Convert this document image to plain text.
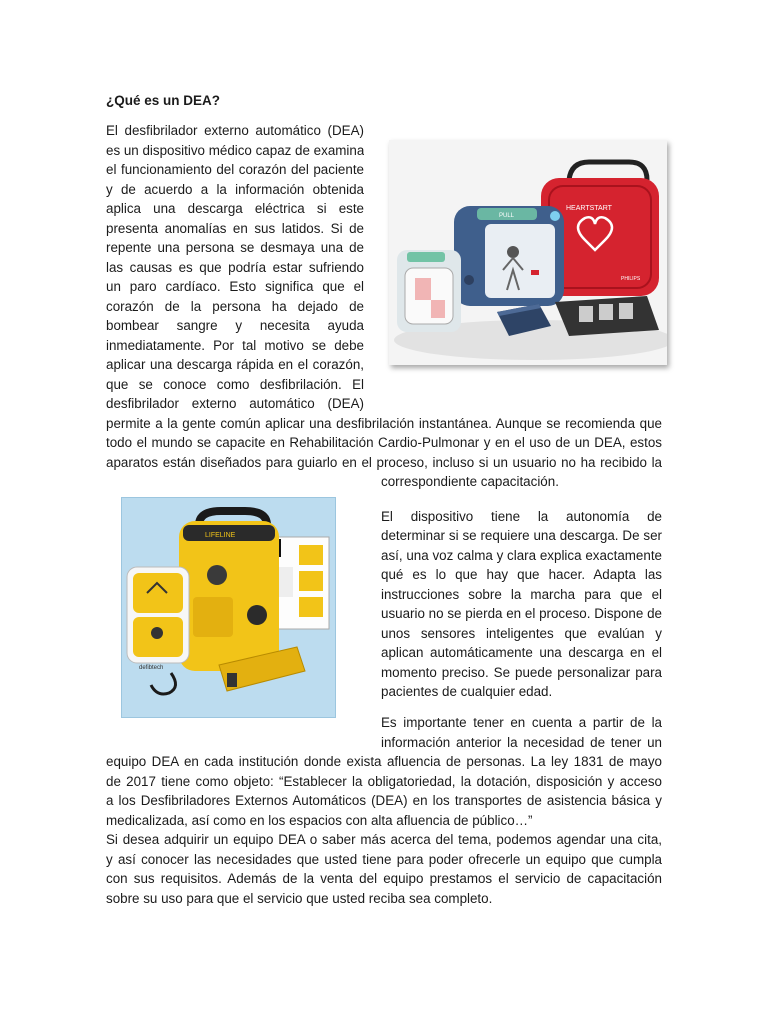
¿Qué es un DEA?
HEARTSTART
PHILIPS
PULL
El desfibrilador externo automático (DEA)
es un dispositivo médico capaz de examina
el funcionamiento del corazón del paciente
y de acuerdo a la información obtenida
aplica una descarga eléctrica si este
presenta anomalías en sus latidos. Si de
repente una persona se desmaya una de
las causas es que podría estar sufriendo
un paro cardíaco. Esto significa que el
corazón de la persona ha dejado de
bombear sangre y necesita ayuda
inmediatamente. Por tal motivo se debe
aplicar una descarga rápida en el corazón,
que se conoce como desfibrilación. El
desfibrilador externo automático (DEA)
permite a la gente común aplicar una desfibrilación instantánea. Aunque se recomienda que
todo el mundo se capacite en Rehabilitación Cardio-Pulmonar y en el uso de un DEA, estos
aparatos están diseñados para guiarlo en el proceso, incluso si un usuario no ha recibido la
correspondiente capacitación.
LIFELINE
defibtech
El dispositivo tiene la autonomía de
determinar si se requiere una descarga. De ser
así, una voz calma y clara explica exactamente
qué es lo que hay que hacer. Adapta las
instrucciones sobre la marcha para que el
usuario no se pierda en el proceso. Dispone de
unos sensores inteligentes que evalúan y
aplican automáticamente una descarga en el
momento preciso. Se puede personalizar para
pacientes de cualquier edad.
Es importante tener en cuenta a partir de la
información anterior la necesidad de tener un
equipo DEA en cada institución donde exista afluencia de personas. La ley 1831 de mayo
de 2017 tiene como objeto: “Establecer la obligatoriedad, la dotación, disposición y acceso
a los Desfibriladores Externos Automáticos (DEA) en los transportes de asistencia básica y
medicalizada, así como en los espacios con alta afluencia de público…”
Si desea adquirir un equipo DEA o saber más acerca del tema, podemos agendar una cita,
y así conocer las necesidades que usted tiene para poder ofrecerle un equipo que cumpla
con sus requisitos. Además de la venta del equipo prestamos el servicio de capacitación
sobre su uso para que el servicio que usted reciba sea completo.
